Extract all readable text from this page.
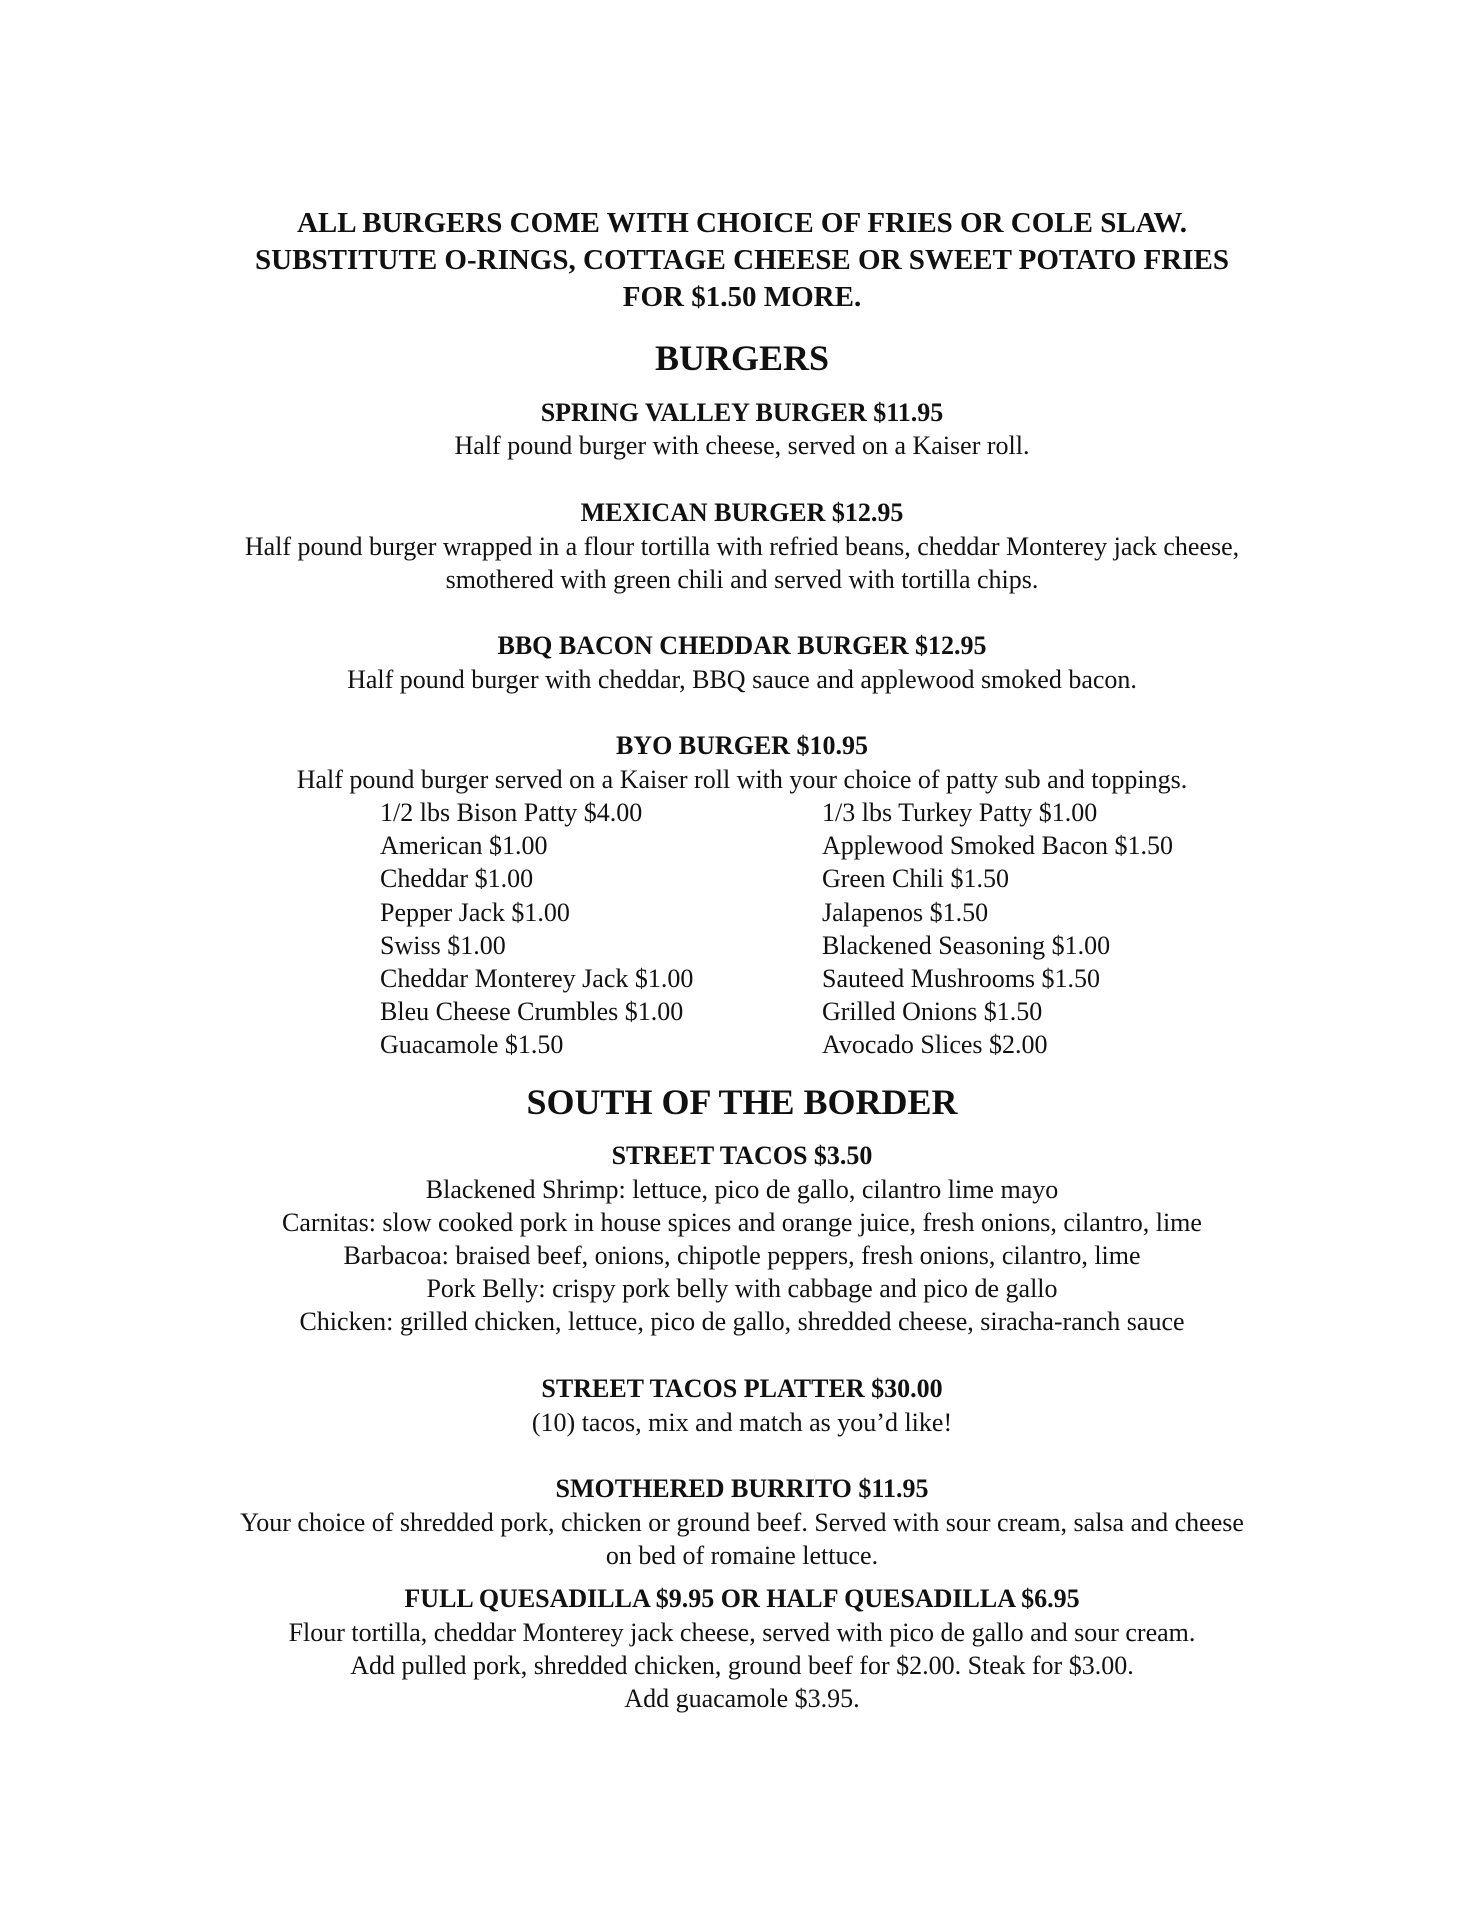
ALL BURGERS COME WITH CHOICE OF FRIES OR COLE SLAW.
SUBSTITUTE O-RINGS, COTTAGE CHEESE OR SWEET POTATO FRIES
FOR $1.50 MORE.
BURGERS
SPRING VALLEY BURGER $11.95
Half pound burger with cheese, served on a Kaiser roll.
MEXICAN BURGER $12.95
Half pound burger wrapped in a flour tortilla with refried beans, cheddar Monterey jack cheese,
smothered with green chili and served with tortilla chips.
BBQ BACON CHEDDAR BURGER $12.95
Half pound burger with cheddar, BBQ sauce and applewood smoked bacon.
BYO BURGER $10.95
Half pound burger served on a Kaiser roll with your choice of patty sub and toppings.
1/2 lbs Bison Patty $4.00
American $1.00
Cheddar $1.00
Pepper Jack $1.00
Swiss $1.00
Cheddar Monterey Jack $1.00
Bleu Cheese Crumbles $1.00
Guacamole $1.50
1/3 lbs Turkey Patty $1.00
Applewood Smoked Bacon $1.50
Green Chili $1.50
Jalapenos $1.50
Blackened Seasoning $1.00
Sauteed Mushrooms $1.50
Grilled Onions $1.50
Avocado Slices $2.00
SOUTH OF THE BORDER
STREET TACOS $3.50
Blackened Shrimp: lettuce, pico de gallo, cilantro lime mayo
Carnitas: slow cooked pork in house spices and orange juice, fresh onions, cilantro, lime
Barbacoa: braised beef, onions, chipotle peppers, fresh onions, cilantro, lime
Pork Belly: crispy pork belly with cabbage and pico de gallo
Chicken: grilled chicken, lettuce, pico de gallo, shredded cheese, siracha-ranch sauce
STREET TACOS PLATTER $30.00
(10) tacos, mix and match as you’d like!
SMOTHERED BURRITO $11.95
Your choice of shredded pork, chicken or ground beef. Served with sour cream, salsa and cheese
on bed of romaine lettuce.
FULL QUESADILLA $9.95 OR HALF QUESADILLA $6.95
Flour tortilla, cheddar Monterey jack cheese, served with pico de gallo and sour cream.
Add pulled pork, shredded chicken, ground beef for $2.00. Steak for $3.00.
Add guacamole $3.95.
